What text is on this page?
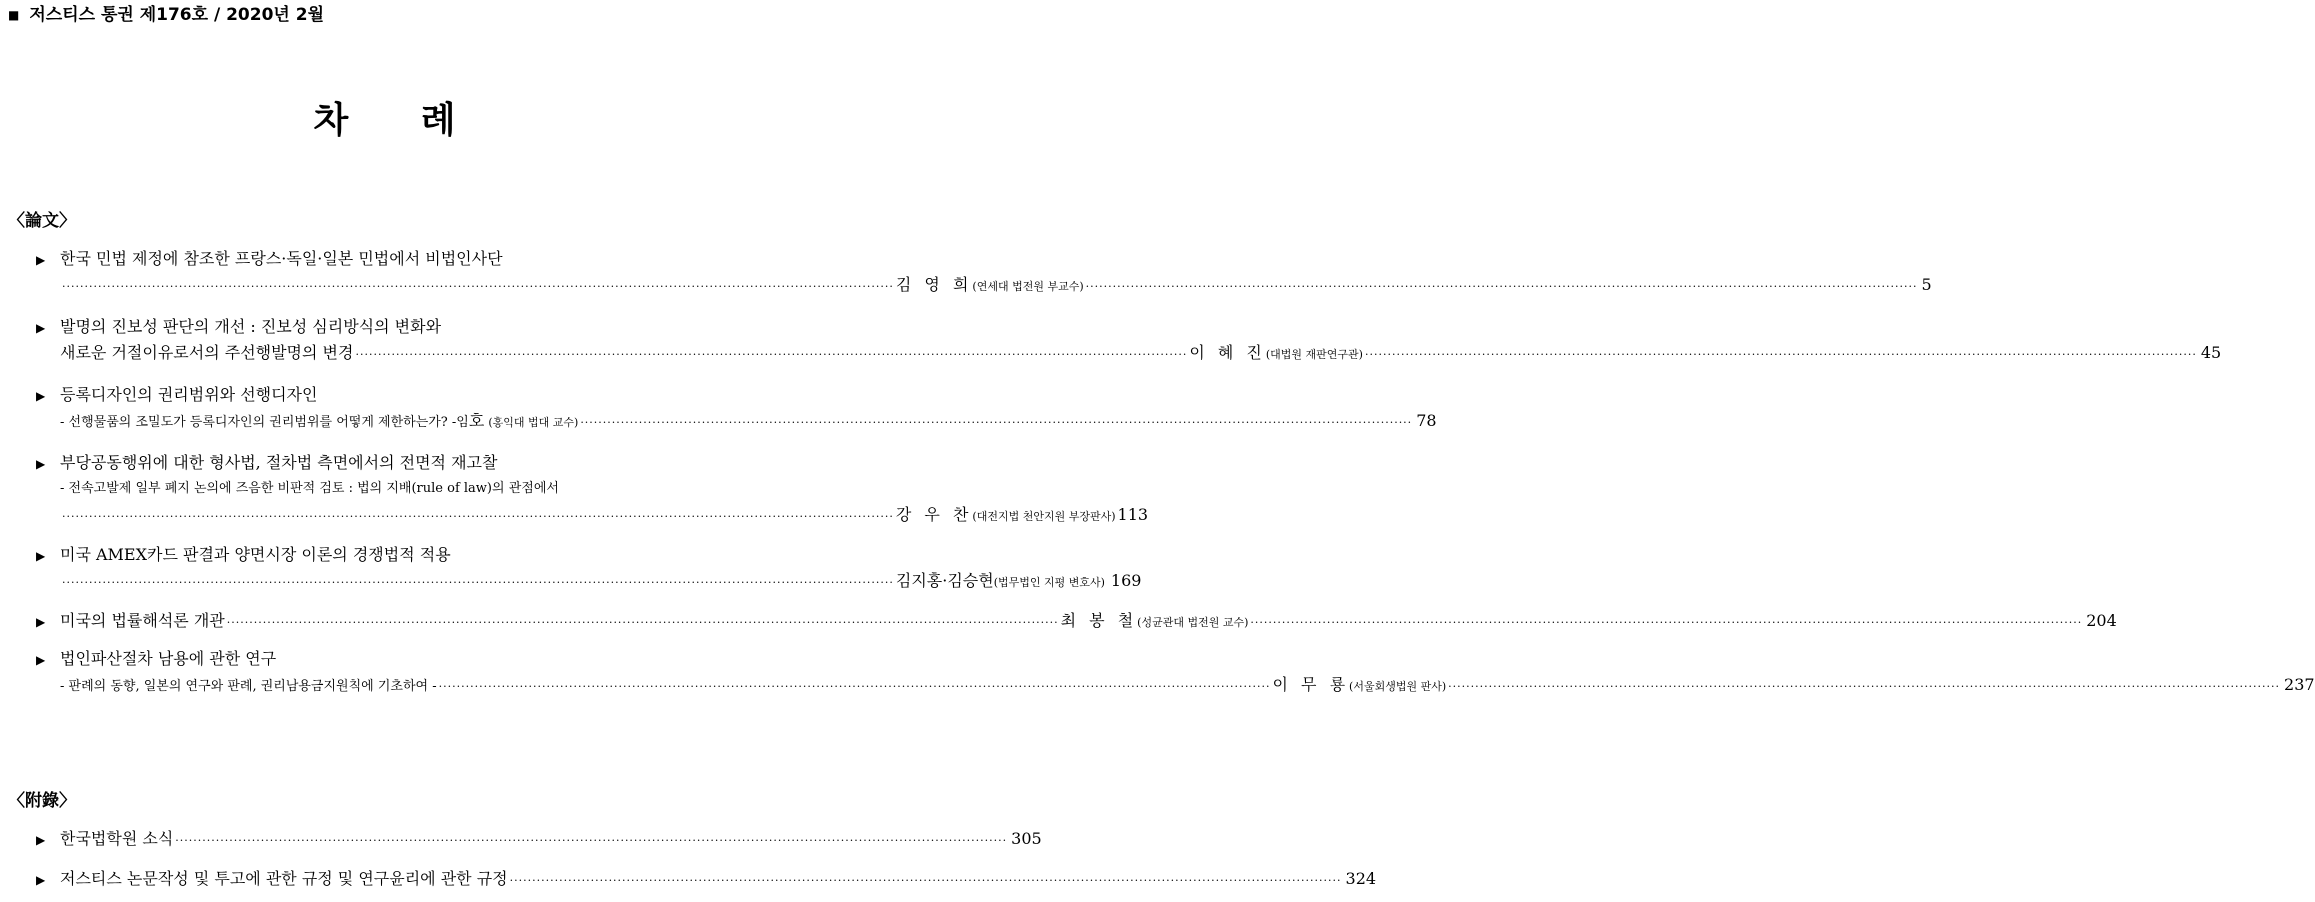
■ 저스티스 통권 제176호 / 2020년 2월
차 례
〈論文〉
▶ 한국 민법 제정에 참조한 프랑스·독일·일본 민법에서 비법인사단
························································································································································································· 김 영 희 (연세대 법전원 부교수) ························································································································································································· 5
▶ 발명의 진보성 판단의 개선 : 진보성 심리방식의 변화와
새로운 거절이유로서의 주선행발명의 변경 ························································································································································································· 이 혜 진 (대법원 재판연구관) ························································································································································································· 45
▶ 등록디자인의 권리범위와 선행디자인
- 선행물품의 조밀도가 등록디자인의 권리범위를 어떻게 제한하는가? -임 호 (홍익대 법대 교수) ························································································································································································· 78
▶ 부당공동행위에 대한 형사법, 절차법 측면에서의 전면적 재고찰
- 전속고발제 일부 폐지 논의에 즈음한 비판적 검토 : 법의 지배(rule of law)의 관점에서
························································································································································································· 강 우 찬 (대전지법 천안지원 부장판사) 113
▶ 미국 AMEX카드 판결과 양면시장 이론의 경쟁법적 적용
························································································································································································· 김지홍·김승현 (법무법인 지평 변호사) 169
▶ 미국의 법률해석론 개관 ························································································································································································· 최 봉 철 (성균관대 법전원 교수) ························································································································································································· 204
▶ 법인파산절차 남용에 관한 연구
- 판례의 동향, 일본의 연구와 판례, 권리남용금지원칙에 기초하여 - ························································································································································································· 이 무 룡 (서울회생법원 판사) ························································································································································································· 237
〈附錄〉
▶ 한국법학원 소식 ························································································································································································· 305
▶ 저스티스 논문작성 및 투고에 관한 규정 및 연구윤리에 관한 규정 ························································································································································································· 324
